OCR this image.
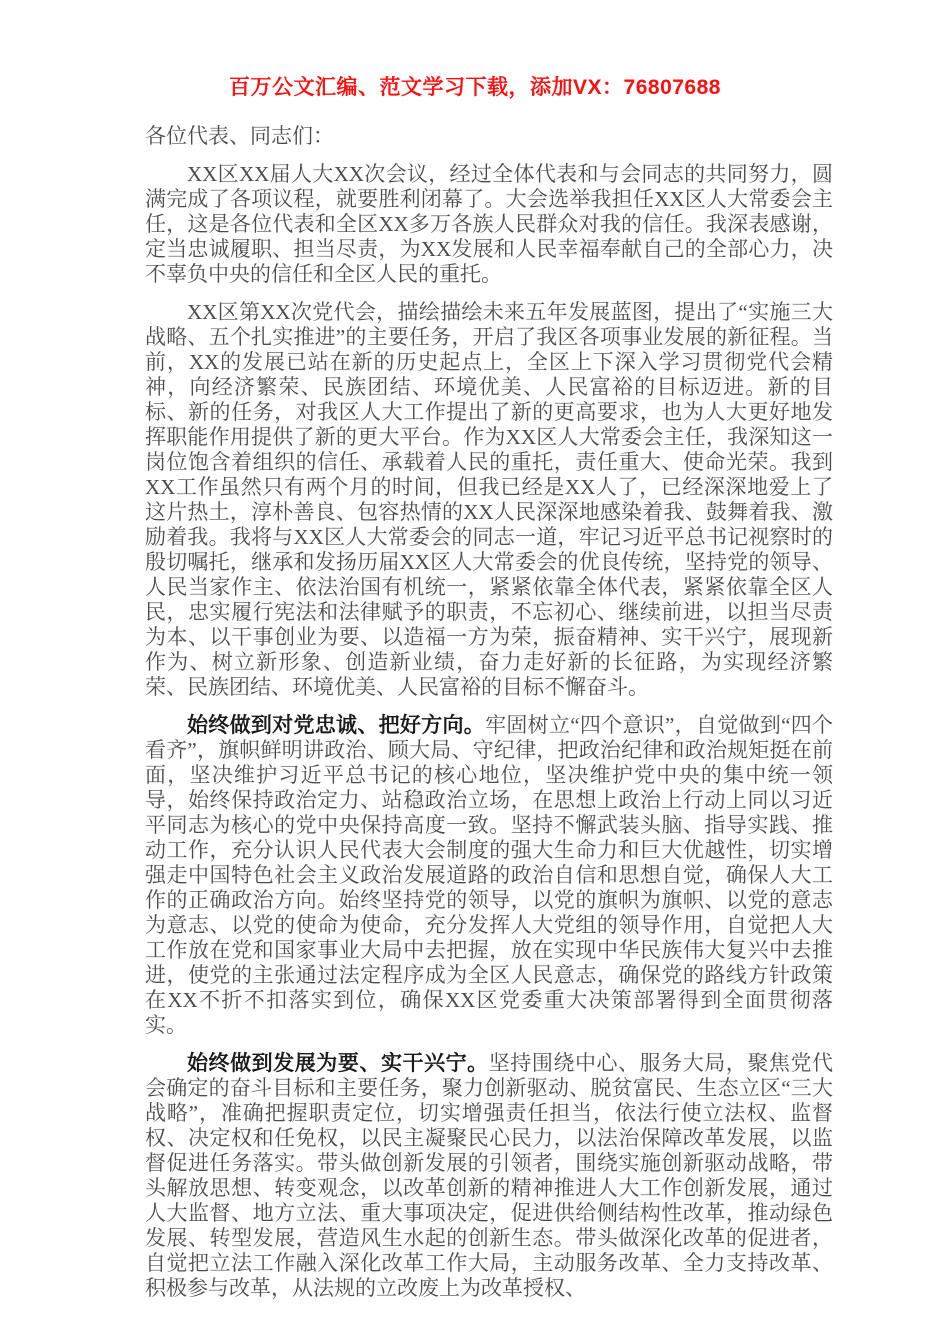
百万公文汇编、范文学习下载，添加VX：76807688

各位代表、同志们：

XX区XX届人大XX次会议，经过全体代表和与会同志的共同努力，圆满完成了各项议程，就要胜利闭幕了。大会选举我担任XX区人大常委会主任，这是各位代表和全区XX多万各族人民群众对我的信任。我深表感谢，定当忠诚履职、担当尽责，为XX发展和人民幸福奉献自己的全部心力，决不辜负中央的信任和全区人民的重托。

XX区第XX次党代会，描绘描绘未来五年发展蓝图，提出了“实施三大战略、五个扎实推进”的主要任务，开启了我区各项事业发展的新征程。当前，XX的发展已站在新的历史起点上，全区上下深入学习贯彻党代会精神，向经济繁荣、民族团结、环境优美、人民富裕的目标迈进。新的目标、新的任务，对我区人大工作提出了新的更高要求，也为人大更好地发挥职能作用提供了新的更大平台。作为XX区人大常委会主任，我深知这一岗位饱含着组织的信任、承载着人民的重托，责任重大、使命光荣。我到XX工作虽然只有两个月的时间，但我已经是XX人了，已经深深地爱上了这片热土，淳朴善良、包容热情的XX人民深深地感染着我、鼓舞着我、激励着我。我将与XX区人大常委会的同志一道，牢记习近平总书记视察时的殷切嘱托，继承和发扬历届XX区人大常委会的优良传统，坚持党的领导、人民当家作主、依法治国有机统一，紧紧依靠全体代表，紧紧依靠全区人民，忠实履行宪法和法律赋予的职责，不忘初心、继续前进，以担当尽责为本、以干事创业为要、以造福一方为荣，振奋精神、实干兴宁，展现新作为、树立新形象、创造新业绩，奋力走好新的长征路，为实现经济繁荣、民族团结、环境优美、人民富裕的目标不懈奋斗。

始终做到对党忠诚、把好方向。牢固树立“四个意识”，自觉做到“四个看齐”，旗帜鲜明讲政治、顾大局、守纪律，把政治纪律和政治规矩挺在前面，坚决维护习近平总书记的核心地位，坚决维护党中央的集中统一领导，始终保持政治定力、站稳政治立场，在思想上政治上行动上同以习近平同志为核心的党中央保持高度一致。坚持不懈武装头脑、指导实践、推动工作，充分认识人民代表大会制度的强大生命力和巨大优越性，切实增强走中国特色社会主义政治发展道路的政治自信和思想自觉，确保人大工作的正确政治方向。始终坚持党的领导，以党的旗帜为旗帜、以党的意志为意志、以党的使命为使命，充分发挥人大党组的领导作用，自觉把人大工作放在党和国家事业大局中去把握，放在实现中华民族伟大复兴中去推进，使党的主张通过法定程序成为全区人民意志，确保党的路线方针政策在XX不折不扣落实到位，确保XX区党委重大决策部署得到全面贯彻落实。

始终做到发展为要、实干兴宁。坚持围绕中心、服务大局，聚焦党代会确定的奋斗目标和主要任务，聚力创新驱动、脱贫富民、生态立区“三大战略”，准确把握职责定位，切实增强责任担当，依法行使立法权、监督权、决定权和任免权，以民主凝聚民心民力，以法治保障改革发展，以监督促进任务落实。带头做创新发展的引领者，围绕实施创新驱动战略，带头解放思想、转变观念，以改革创新的精神推进人大工作创新发展，通过人大监督、地方立法、重大事项决定，促进供给侧结构性改革，推动绿色发展、转型发展，营造风生水起的创新生态。带头做深化改革的促进者，自觉把立法工作融入深化改革工作大局，主动服务改革、全力支持改革、积极参与改革，从法规的立改废上为改革授权、
